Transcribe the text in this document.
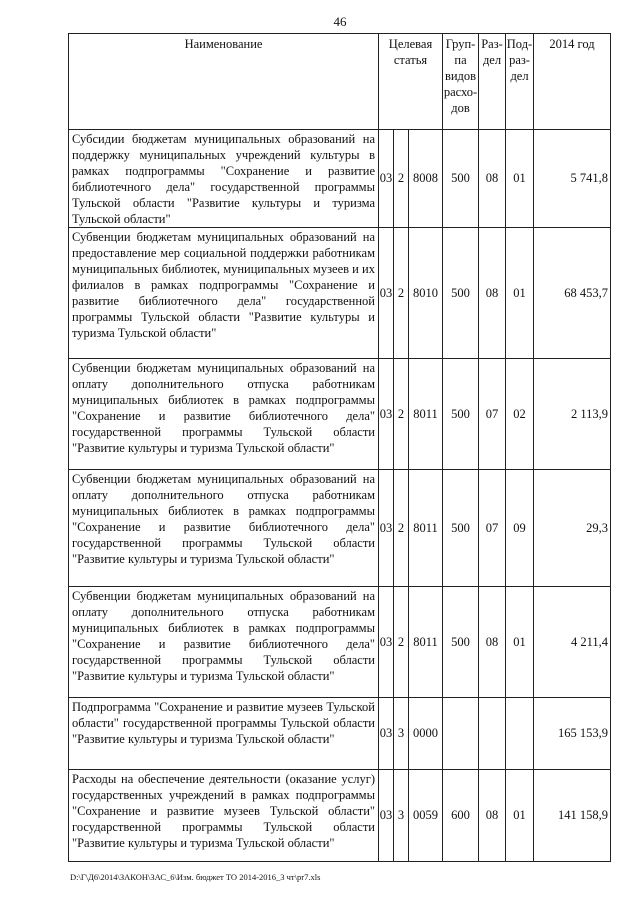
46
Наименование	Целевая статья			Груп-
па
видов
расхо-
дов	Раз-
дел	Под-
раз-
дел	2014 год
Субсидии бюджетам муниципальных образований на поддержку муниципальных учреждений культуры в рамках подпрограммы "Сохранение и развитие библиотечного дела" государственной программы Тульской области "Развитие культуры и туризма Тульской области"	03	2	8008	500	08	01	5 741,8
Субвенции бюджетам муниципальных образований на предоставление мер социальной поддержки работникам муниципальных библиотек, муниципальных музеев и их филиалов в рамках подпрограммы "Сохранение и развитие библиотечного дела" государственной программы Тульской области "Развитие культуры и туризма Тульской области"	03	2	8010	500	08	01	68 453,7
Субвенции бюджетам муниципальных образований на оплату дополнительного отпуска работникам муниципальных библиотек в рамках подпрограммы "Сохранение и развитие библиотечного дела" государственной программы Тульской области "Развитие культуры и туризма Тульской области"	03	2	8011	500	07	02	2 113,9
Субвенции бюджетам муниципальных образований на оплату дополнительного отпуска работникам муниципальных библиотек в рамках подпрограммы "Сохранение и развитие библиотечного дела" государственной программы Тульской области "Развитие культуры и туризма Тульской области"	03	2	8011	500	07	09	29,3
Субвенции бюджетам муниципальных образований на оплату дополнительного отпуска работникам муниципальных библиотек в рамках подпрограммы "Сохранение и развитие библиотечного дела" государственной программы Тульской области "Развитие культуры и туризма Тульской области"	03	2	8011	500	08	01	4 211,4
Подпрограмма "Сохранение и развитие музеев Тульской области" государственной программы Тульской области "Развитие культуры и туризма Тульской области"	03	3	0000				165 153,9
Расходы на обеспечение деятельности (оказание услуг) государственных учреждений в рамках подпрограммы "Сохранение и развитие музеев Тульской области" государственной программы Тульской области "Развитие культуры и туризма Тульской области"	03	3	0059	600	08	01	141 158,9
D:\Г\Д6\2014\ЗАКОН\ЗАС_6\Изм. бюджет ТО 2014-2016_3 чт\pr7.xls
